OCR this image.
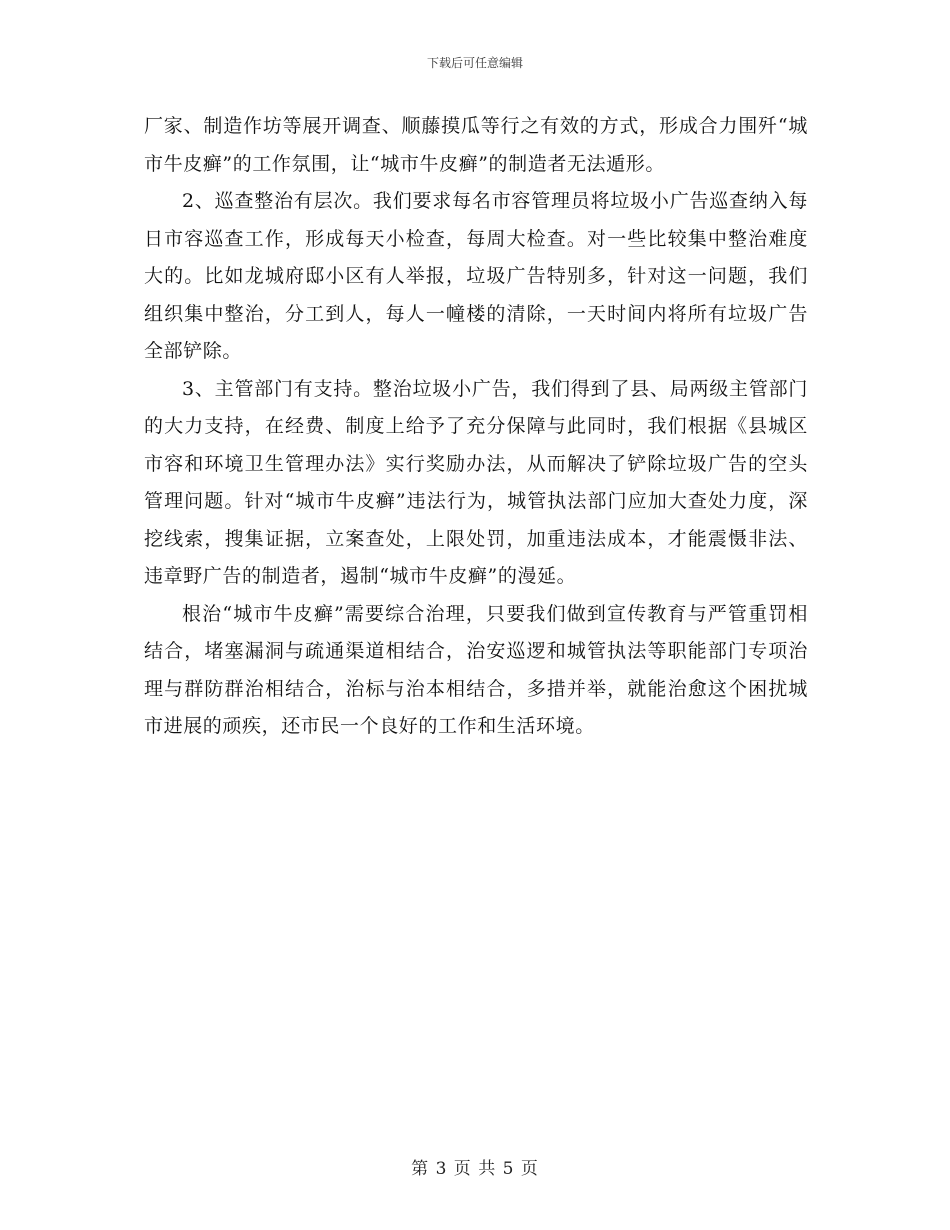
下载后可任意编辑

厂家、制造作坊等展开调查、顺藤摸瓜等行之有效的方式，形成合力围歼“城市牛皮癣”的工作氛围，让“城市牛皮癣”的制造者无法遁形。

2、巡查整治有层次。我们要求每名市容管理员将垃圾小广告巡查纳入每日市容巡查工作，形成每天小检查，每周大检查。对一些比较集中整治难度大的。比如龙城府邸小区有人举报，垃圾广告特别多，针对这一问题，我们组织集中整治，分工到人，每人一幢楼的清除，一天时间内将所有垃圾广告全部铲除。

3、主管部门有支持。整治垃圾小广告，我们得到了县、局两级主管部门的大力支持，在经费、制度上给予了充分保障与此同时，我们根据《县城区市容和环境卫生管理办法》实行奖励办法，从而解决了铲除垃圾广告的空头管理问题。针对“城市牛皮癣”违法行为，城管执法部门应加大查处力度，深挖线索，搜集证据，立案查处，上限处罚，加重违法成本，才能震慑非法、违章野广告的制造者，遏制“城市牛皮癣”的漫延。

根治“城市牛皮癣”需要综合治理，只要我们做到宣传教育与严管重罚相结合，堵塞漏洞与疏通渠道相结合，治安巡逻和城管执法等职能部门专项治理与群防群治相结合，治标与治本相结合，多措并举，就能治愈这个困扰城市进展的顽疾，还市民一个良好的工作和生活环境。

第 3 页 共 5 页
